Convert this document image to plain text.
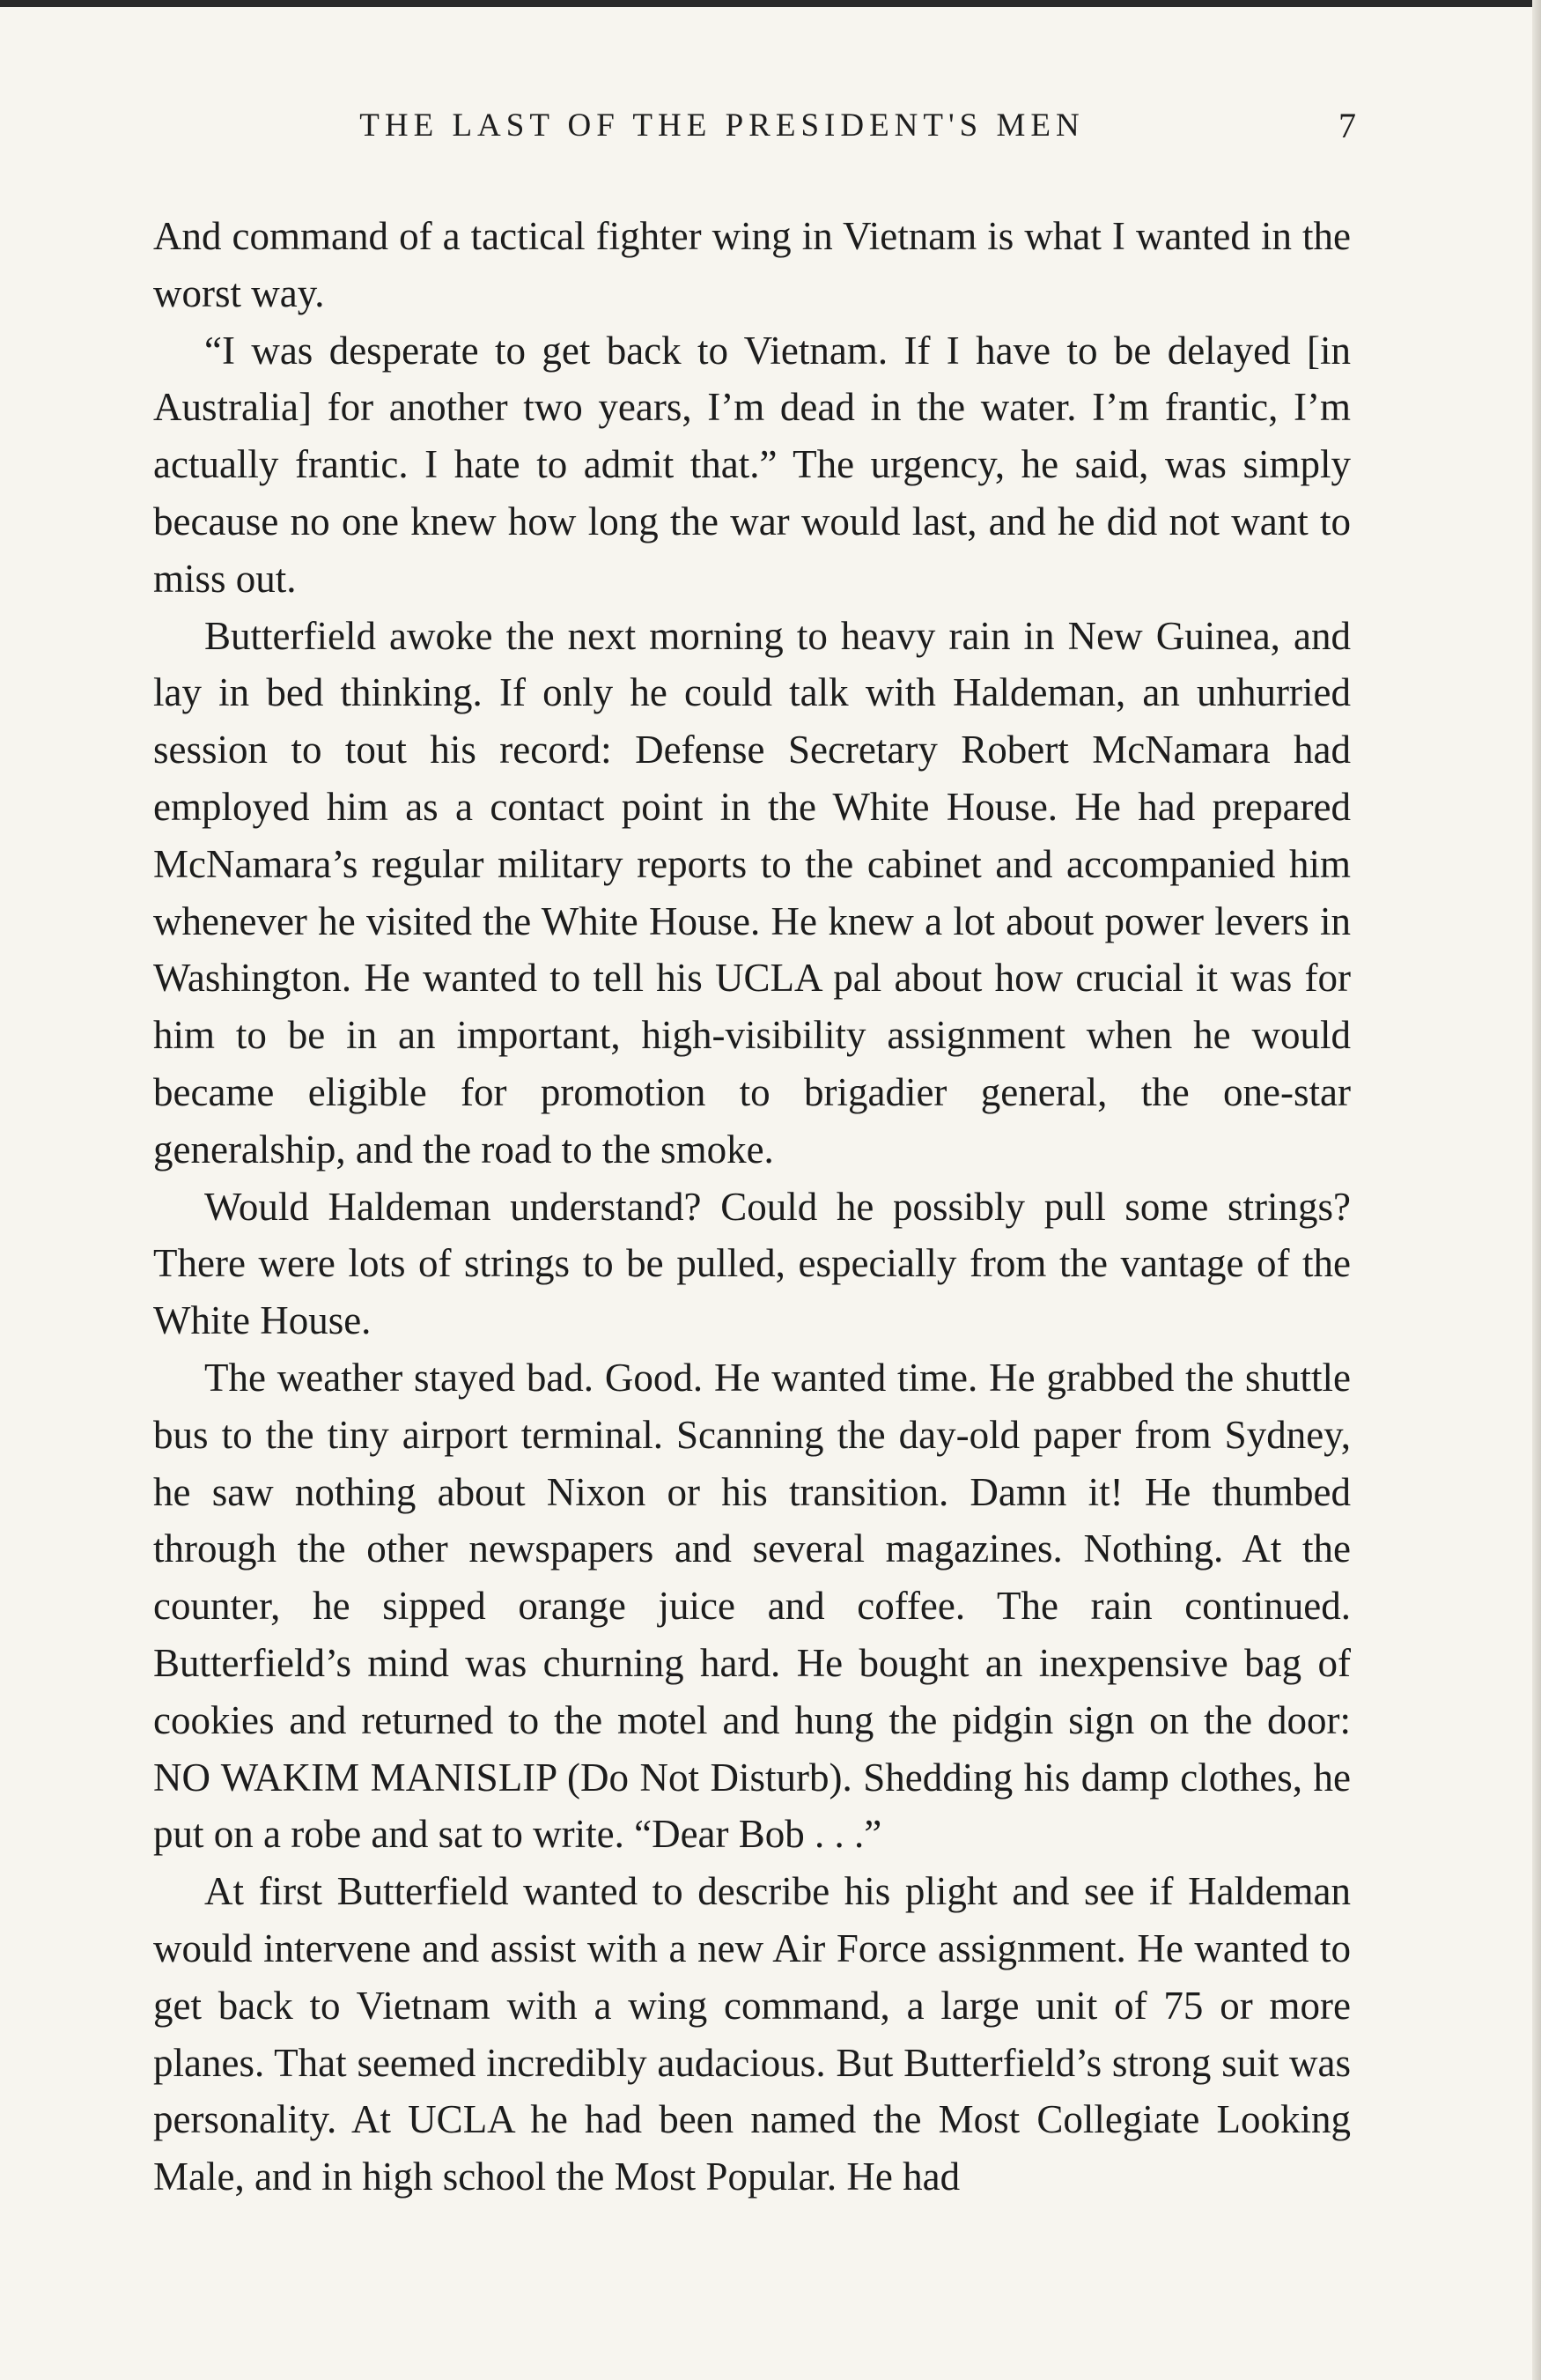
THE LAST OF THE PRESIDENT'S MEN	7

And command of a tactical fighter wing in Vietnam is what I wanted in the worst way.

“I was desperate to get back to Vietnam. If I have to be delayed [in Australia] for another two years, I’m dead in the water. I’m frantic, I’m actually frantic. I hate to admit that.” The urgency, he said, was simply because no one knew how long the war would last, and he did not want to miss out.

Butterfield awoke the next morning to heavy rain in New Guinea, and lay in bed thinking. If only he could talk with Haldeman, an unhurried session to tout his record: Defense Secretary Robert McNamara had employed him as a contact point in the White House. He had prepared McNamara’s regular military reports to the cabinet and accompanied him whenever he visited the White House. He knew a lot about power levers in Washington. He wanted to tell his UCLA pal about how crucial it was for him to be in an important, high-visibility assignment when he would became eligible for promotion to brigadier general, the one-star generalship, and the road to the smoke.

Would Haldeman understand? Could he possibly pull some strings? There were lots of strings to be pulled, especially from the vantage of the White House.

The weather stayed bad. Good. He wanted time. He grabbed the shuttle bus to the tiny airport terminal. Scanning the day-old paper from Sydney, he saw nothing about Nixon or his transition. Damn it! He thumbed through the other newspapers and several magazines. Nothing. At the counter, he sipped orange juice and coffee. The rain continued. Butterfield’s mind was churning hard. He bought an inexpensive bag of cookies and returned to the motel and hung the pidgin sign on the door: NO WAKIM MANISLIP (Do Not Disturb). Shedding his damp clothes, he put on a robe and sat to write. “Dear Bob . . .”

At first Butterfield wanted to describe his plight and see if Haldeman would intervene and assist with a new Air Force assignment. He wanted to get back to Vietnam with a wing command, a large unit of 75 or more planes. That seemed incredibly audacious. But Butterfield’s strong suit was personality. At UCLA he had been named the Most Collegiate Looking Male, and in high school the Most Popular. He had
